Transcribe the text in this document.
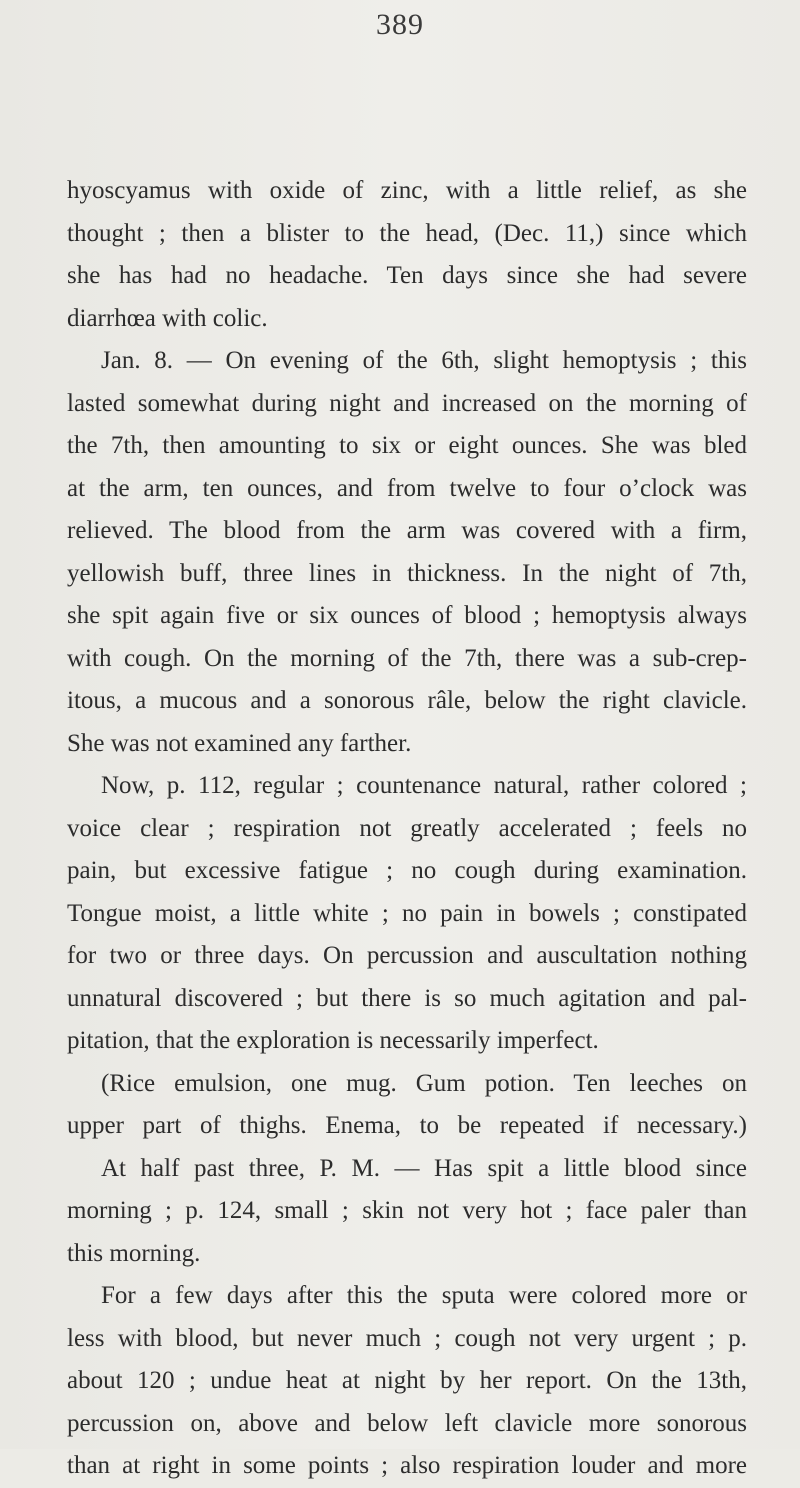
389
hyoscyamus with oxide of zinc, with a little relief, as she
thought ; then a blister to the head, (Dec. 11,) since which
she has had no headache. Ten days since she had severe
diarrhœa with colic.
Jan. 8. — On evening of the 6th, slight hemoptysis ; this
lasted somewhat during night and increased on the morning of
the 7th, then amounting to six or eight ounces. She was bled
at the arm, ten ounces, and from twelve to four o’clock was
relieved. The blood from the arm was covered with a firm,
yellowish buff, three lines in thickness. In the night of 7th,
she spit again five or six ounces of blood ; hemoptysis always
with cough. On the morning of the 7th, there was a sub-crep-
itous, a mucous and a sonorous râle, below the right clavicle.
She was not examined any farther.
Now, p. 112, regular ; countenance natural, rather colored ;
voice clear ; respiration not greatly accelerated ; feels no
pain, but excessive fatigue ; no cough during examination.
Tongue moist, a little white ; no pain in bowels ; constipated
for two or three days. On percussion and auscultation nothing
unnatural discovered ; but there is so much agitation and pal-
pitation, that the exploration is necessarily imperfect.
(Rice emulsion, one mug. Gum potion. Ten leeches on
upper part of thighs. Enema, to be repeated if necessary.)
At half past three, P. M. — Has spit a little blood since
morning ; p. 124, small ; skin not very hot ; face paler than
this morning.
For a few days after this the sputa were colored more or
less with blood, but never much ; cough not very urgent ; p.
about 120 ; undue heat at night by her report. On the 13th,
percussion on, above and below left clavicle more sonorous
than at right in some points ; also respiration louder and more
